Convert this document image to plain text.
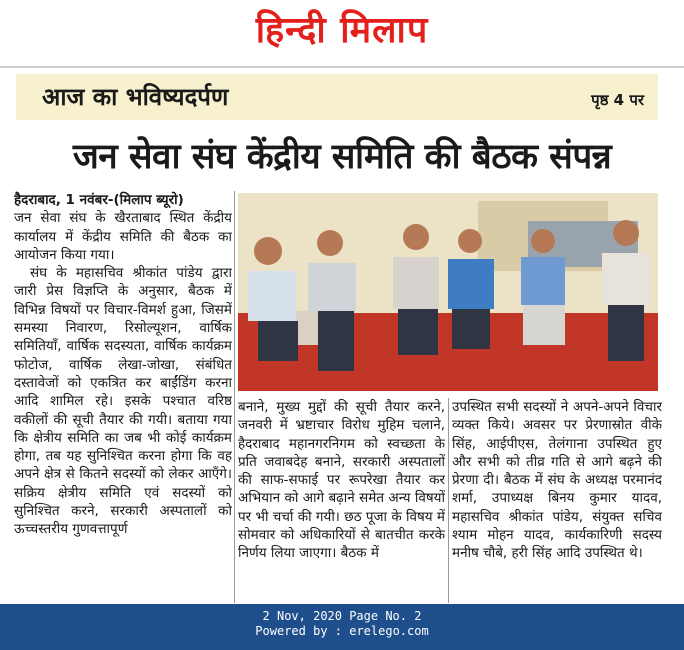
हिन्दी मिलाप
आज का भविष्यदर्पण	पृष्ठ 4 पर
जन सेवा संघ केंद्रीय समिति की बैठक संपन्न

हैदराबाद, 1 नवंबर-(मिलाप ब्यूरो)
जन सेवा संघ के खैरताबाद स्थित केंद्रीय कार्यालय में केंद्रीय समिति की बैठक का आयोजन किया गया।

संघ के महासचिव श्रीकांत पांडेय द्वारा जारी प्रेस विज्ञप्ति के अनुसार, बैठक में विभिन्न विषयों पर विचार-विमर्श हुआ, जिसमें समस्या निवारण, रिसोल्यूशन, वार्षिक समितियाँ, वार्षिक सदस्यता, वार्षिक कार्यक्रम फोटोज, वार्षिक लेखा-जोखा, संबंधित दस्तावेजों को एकत्रित कर बाईंडिंग करना आदि शामिल रहे। इसके पश्चात वरिष्ठ वकीलों की सूची तैयार की गयी। बताया गया कि क्षेत्रीय समिति का जब भी कोई कार्यक्रम होगा, तब यह सुनिश्चित करना होगा कि वह अपने क्षेत्र से कितने सदस्यों को लेकर आएँगे। सक्रिय क्षेत्रीय समिति एवं सदस्यों को सुनिश्चित करने, सरकारी अस्पतालों को ऊच्चस्तरीय गुणवत्तापूर्ण

बनाने, मुख्य मुद्दों की सूची तैयार करने, जनवरी में भ्रष्टाचार विरोध मुहिम चलाने, हैदराबाद महानगरनिगम को स्वच्छता के प्रति जवाबदेह बनाने, सरकारी अस्पतालों की साफ-सफाई पर रूपरेखा तैयार कर अभियान को आगे बढ़ाने समेत अन्य विषयों पर भी चर्चा की गयी। छठ पूजा के विषय में सोमवार को अधिकारियों से बातचीत करके निर्णय लिया जाएगा। बैठक में
उपस्थित सभी सदस्यों ने अपने-अपने विचार व्यक्त किये। अवसर पर प्रेरणास्रोत वीके सिंह, आईपीएस, तेलंगाना उपस्थित हुए और सभी को तीव्र गति से आगे बढ़ने की प्रेरणा दी। बैठक में संघ के अध्यक्ष परमानंद शर्मा, उपाध्यक्ष बिनय कुमार यादव, महासचिव श्रीकांत पांडेय, संयुक्त सचिव श्याम मोहन यादव, कार्यकारिणी सदस्य मनीष चौबे, हरी सिंह आदि उपस्थित थे।
2 Nov, 2020 Page No. 2
Powered by : erelego.com
